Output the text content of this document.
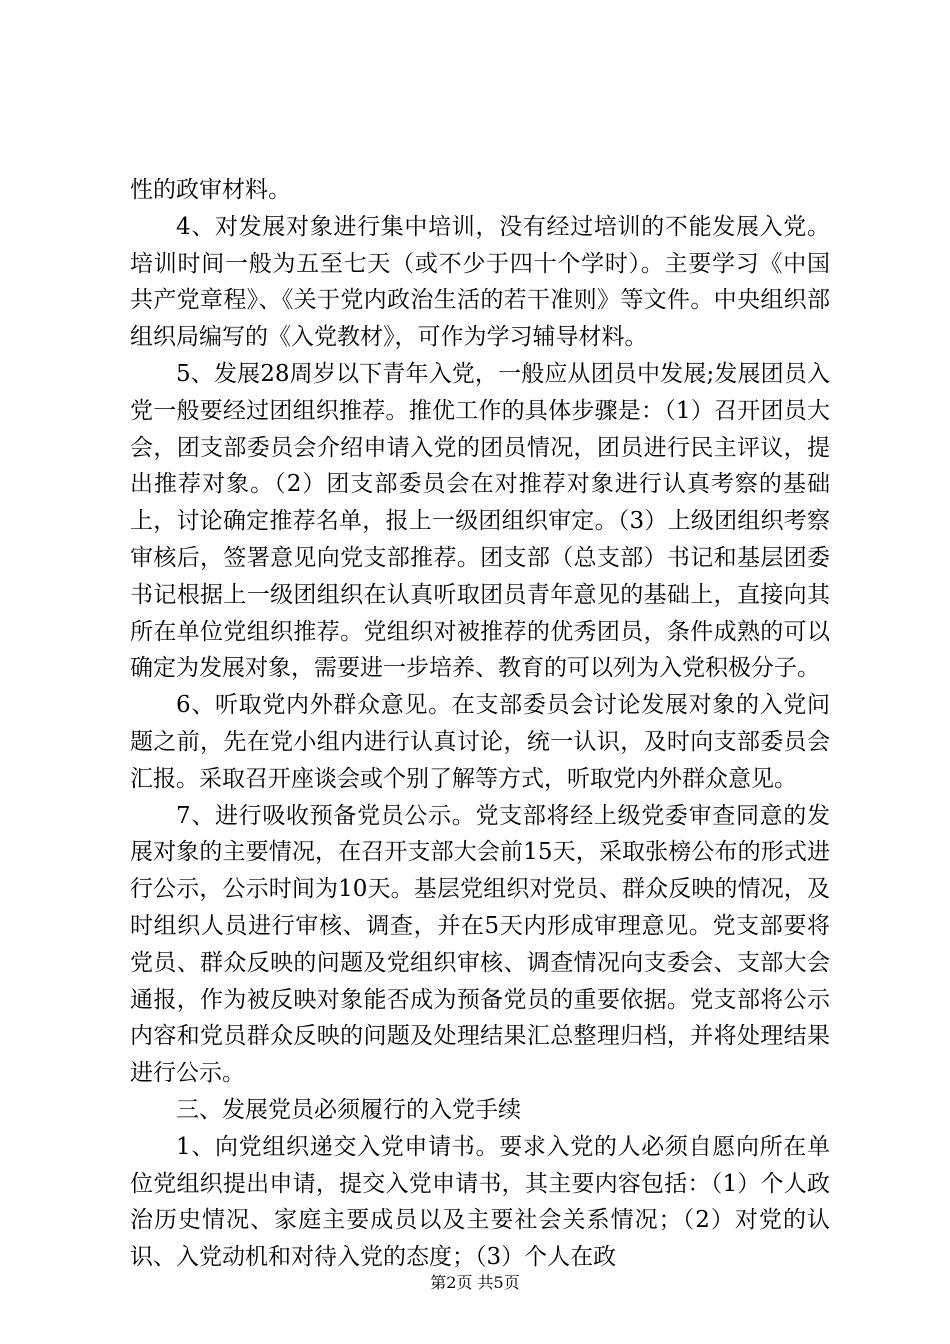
性的政审材料。

4、对发展对象进行集中培训，没有经过培训的不能发展入党。培训时间一般为五至七天（或不少于四十个学时）。主要学习《中国共产党章程》、《关于党内政治生活的若干准则》等文件。中央组织部组织局编写的《入党教材》，可作为学习辅导材料。

5、发展28周岁以下青年入党，一般应从团员中发展;发展团员入党一般要经过团组织推荐。推优工作的具体步骤是：（1）召开团员大会，团支部委员会介绍申请入党的团员情况，团员进行民主评议，提出推荐对象。（2）团支部委员会在对推荐对象进行认真考察的基础上，讨论确定推荐名单，报上一级团组织审定。（3）上级团组织考察审核后，签署意见向党支部推荐。团支部（总支部）书记和基层团委书记根据上一级团组织在认真听取团员青年意见的基础上，直接向其所在单位党组织推荐。党组织对被推荐的优秀团员，条件成熟的可以确定为发展对象，需要进一步培养、教育的可以列为入党积极分子。

6、听取党内外群众意见。在支部委员会讨论发展对象的入党问题之前，先在党小组内进行认真讨论，统一认识，及时向支部委员会汇报。采取召开座谈会或个别了解等方式，听取党内外群众意见。

7、进行吸收预备党员公示。党支部将经上级党委审查同意的发展对象的主要情况，在召开支部大会前15天，采取张榜公布的形式进行公示，公示时间为10天。基层党组织对党员、群众反映的情况，及时组织人员进行审核、调查，并在5天内形成审理意见。党支部要将党员、群众反映的问题及党组织审核、调查情况向支委会、支部大会通报，作为被反映对象能否成为预备党员的重要依据。党支部将公示内容和党员群众反映的问题及处理结果汇总整理归档，并将处理结果进行公示。

三、发展党员必须履行的入党手续

1、向党组织递交入党申请书。要求入党的人必须自愿向所在单位党组织提出申请，提交入党申请书，其主要内容包括：（1）个人政治历史情况、家庭主要成员以及主要社会关系情况；（2）对党的认识、入党动机和对待入党的态度；（3）个人在政

第2页 共5页
